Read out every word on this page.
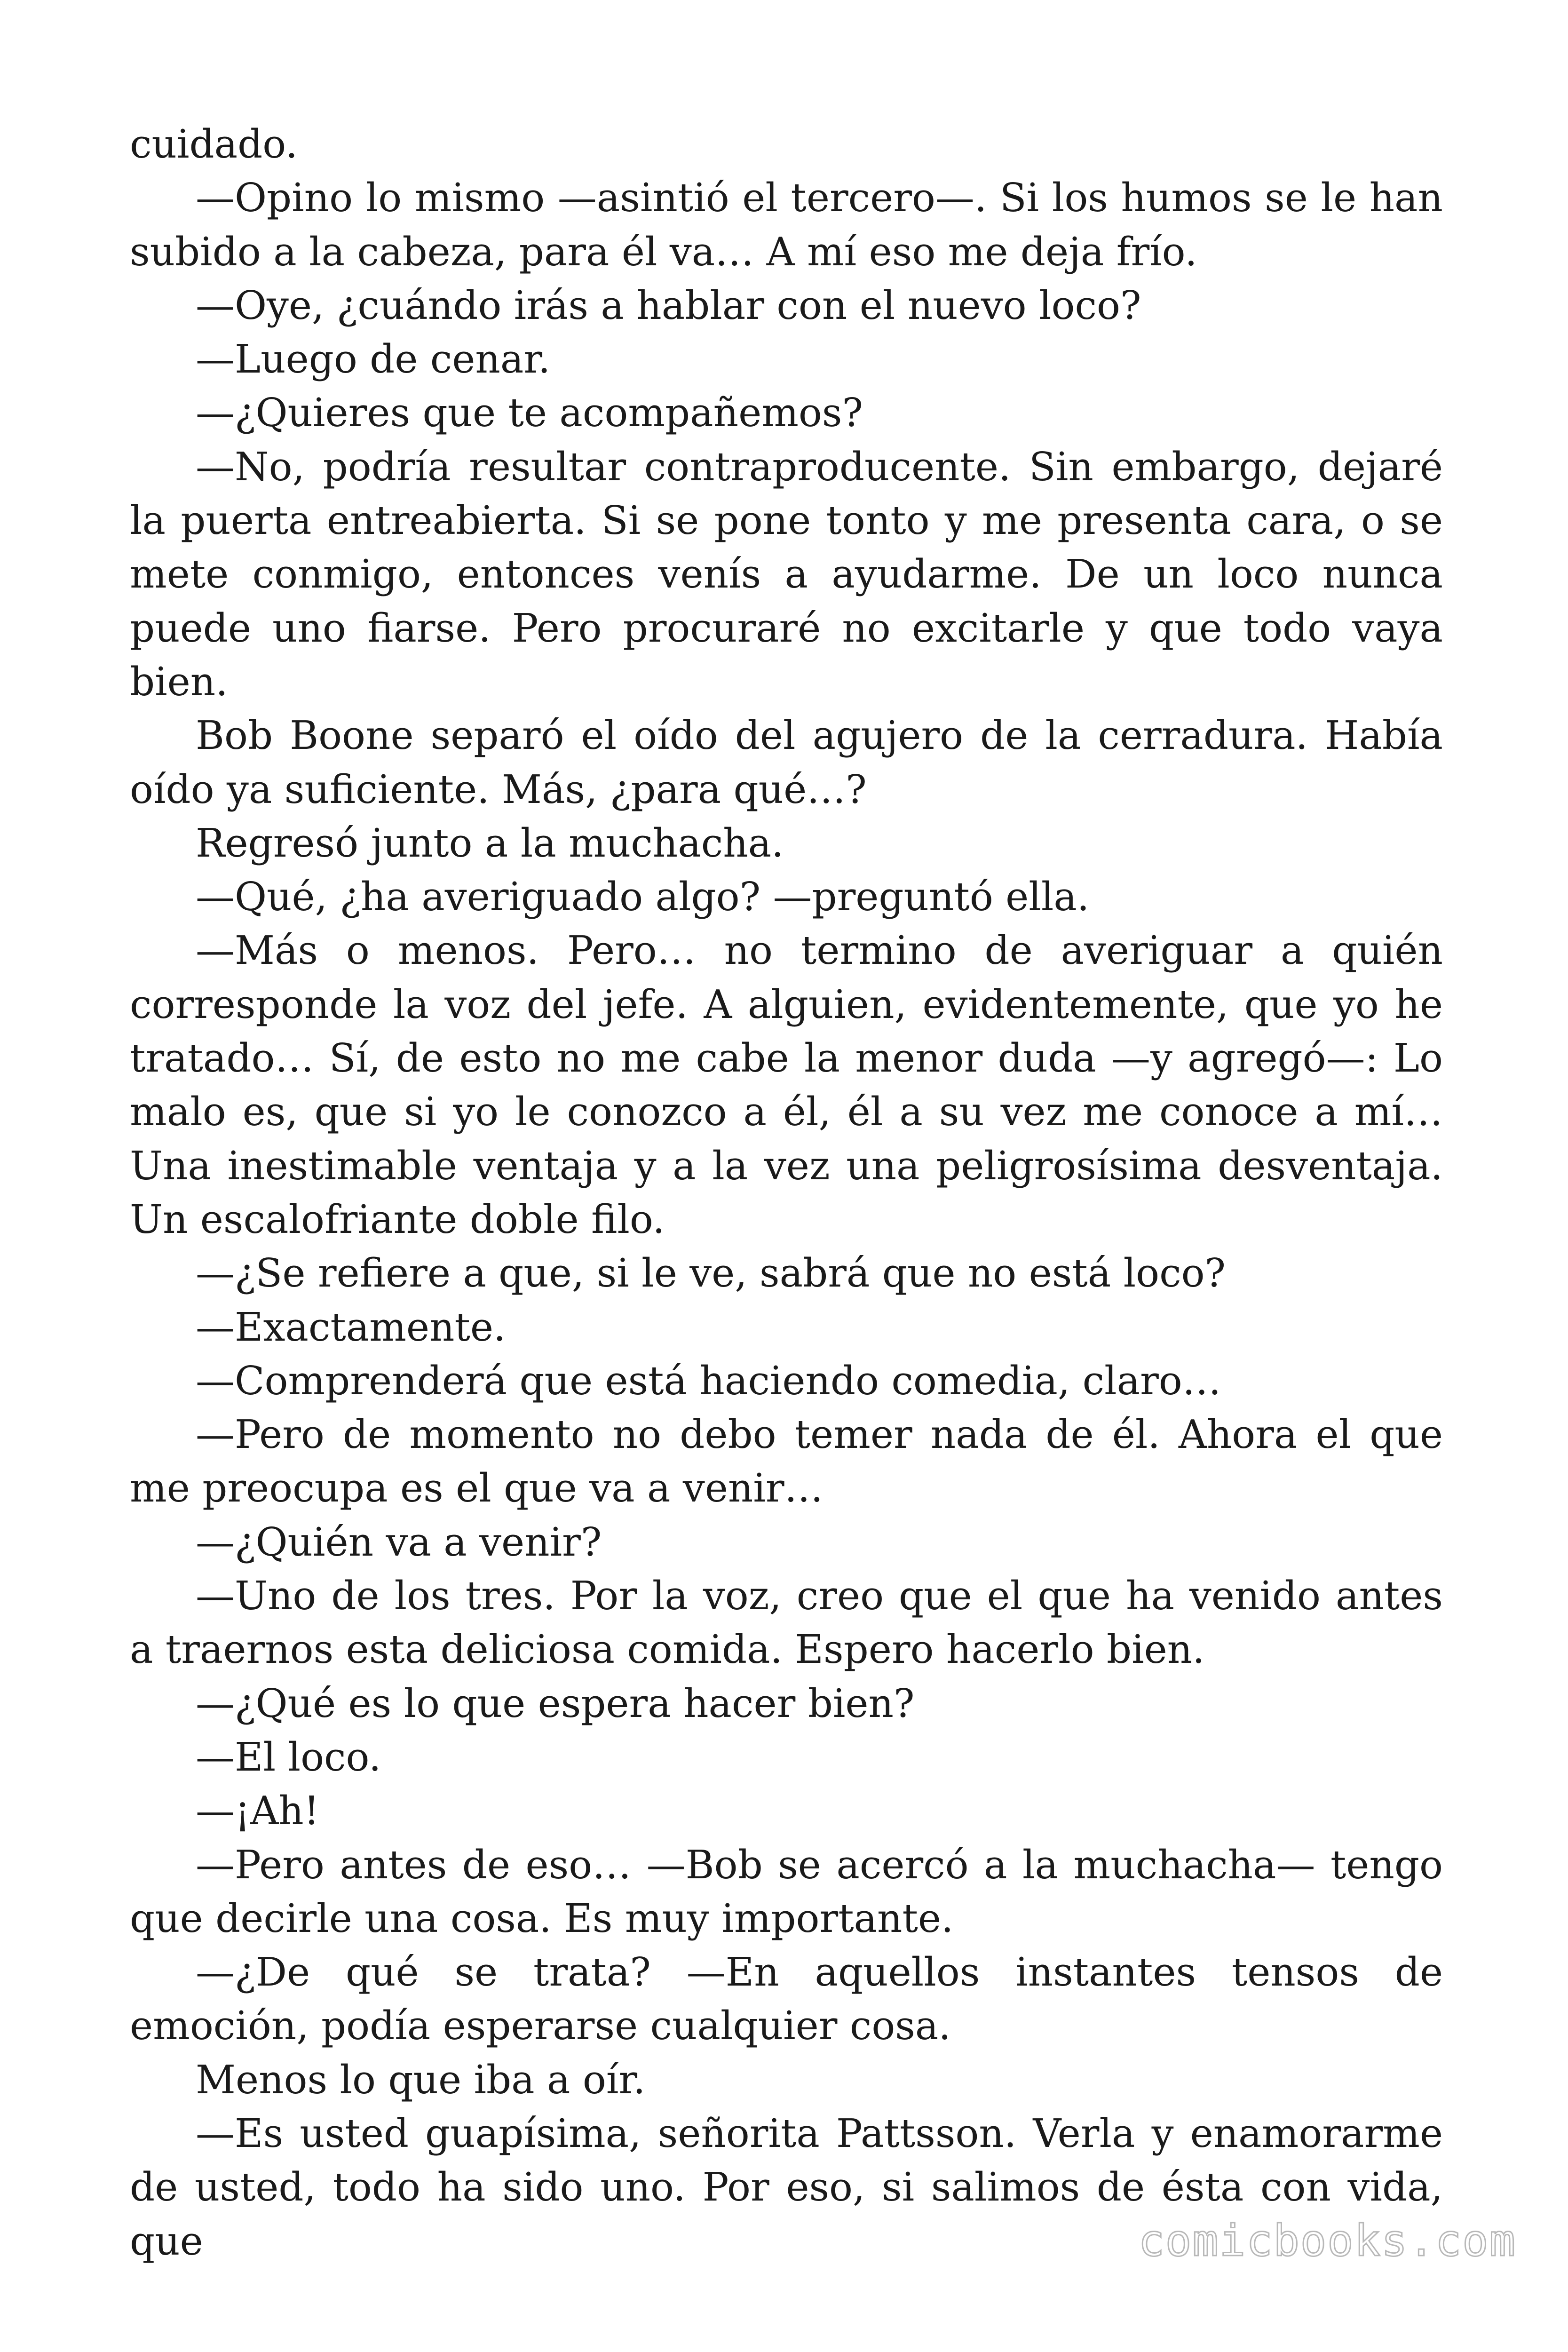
cuidado.

—Opino lo mismo —asintió el tercero—. Si los humos se le han subido a la cabeza, para él va… A mí eso me deja frío.

—Oye, ¿cuándo irás a hablar con el nuevo loco?

—Luego de cenar.

—¿Quieres que te acompañemos?

—No, podría resultar contraproducente. Sin embargo, dejaré la puerta entreabierta. Si se pone tonto y me presenta cara, o se mete conmigo, entonces venís a ayudarme. De un loco nunca puede uno fiarse. Pero procuraré no excitarle y que todo vaya bien.

Bob Boone separó el oído del agujero de la cerradura. Había oído ya suficiente. Más, ¿para qué…?

Regresó junto a la muchacha.

—Qué, ¿ha averiguado algo? —preguntó ella.

—Más o menos. Pero… no termino de averiguar a quién corresponde la voz del jefe. A alguien, evidentemente, que yo he tratado… Sí, de esto no me cabe la menor duda —y agregó—: Lo malo es, que si yo le conozco a él, él a su vez me conoce a mí… Una inestimable ventaja y a la vez una peligrosísima desventaja. Un escalofriante doble filo.

—¿Se refiere a que, si le ve, sabrá que no está loco?

—Exactamente.

—Comprenderá que está haciendo comedia, claro…

—Pero de momento no debo temer nada de él. Ahora el que me preocupa es el que va a venir…

—¿Quién va a venir?

—Uno de los tres. Por la voz, creo que el que ha venido antes a traernos esta deliciosa comida. Espero hacerlo bien.

—¿Qué es lo que espera hacer bien?

—El loco.

—¡Ah!

—Pero antes de eso… —Bob se acercó a la muchacha— tengo que decirle una cosa. Es muy importante.

—¿De qué se trata? —En aquellos instantes tensos de emoción, podía esperarse cualquier cosa.

Menos lo que iba a oír.

—Es usted guapísima, señorita Pattsson. Verla y enamorarme de usted, todo ha sido uno. Por eso, si salimos de ésta con vida, que	comicbooks.com
